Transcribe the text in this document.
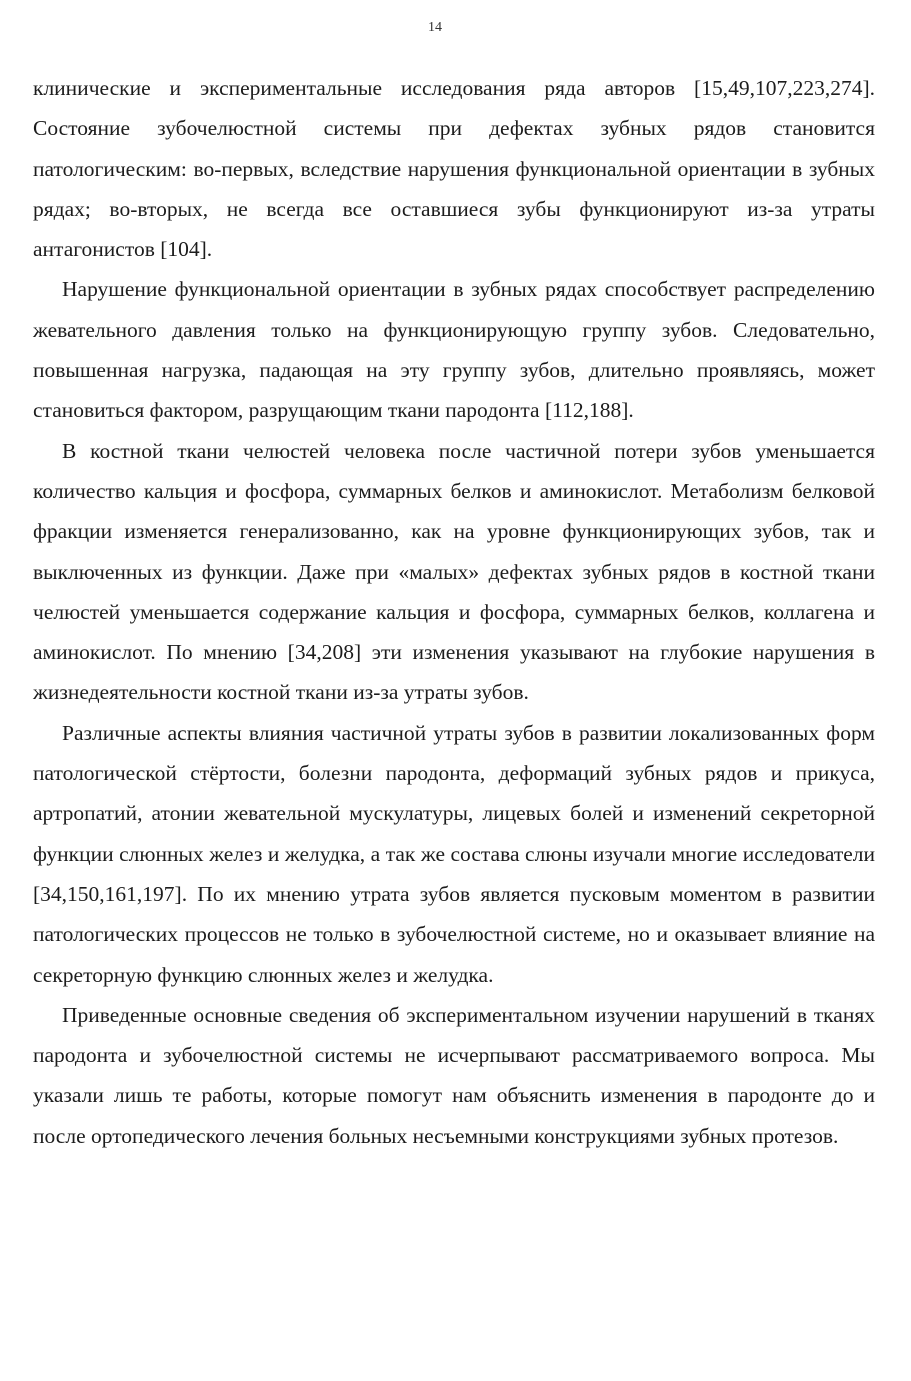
14

клинические и экспериментальные исследования ряда авторов [15,49,107,223,274]. Состояние зубочелюстной системы при дефектах зубных рядов становится патологическим: во-первых, вследствие нарушения функциональной ориентации в зубных рядах; во-вторых, не всегда все оставшиеся зубы функционируют из-за утраты антагонистов [104].

Нарушение функциональной ориентации в зубных рядах способствует распределению жевательного давления только на функционирующую группу зубов. Следовательно, повышенная нагрузка, падающая на эту группу зубов, длительно проявляясь, может становиться фактором, разрущающим ткани пародонта [112,188].

В костной ткани челюстей человека после частичной потери зубов уменьшается количество кальция и фосфора, суммарных белков и аминокислот. Метаболизм белковой фракции изменяется генерализованно, как на уровне функционирующих зубов, так и выключенных из функции. Даже при «малых» дефектах зубных рядов в костной ткани челюстей уменьшается содержание кальция и фосфора, суммарных белков, коллагена и аминокислот. По мнению [34,208] эти изменения указывают на глубокие нарушения в жизнедеятельности костной ткани из-за утраты зубов.

Различные аспекты влияния частичной утраты зубов в развитии локализованных форм патологической стёртости, болезни пародонта, деформаций зубных рядов и прикуса, артропатий, атонии жевательной мускулатуры, лицевых болей и изменений секреторной функции слюнных желез и желудка, а так же состава слюны изучали многие исследователи [34,150,161,197]. По их мнению утрата зубов является пусковым моментом в развитии патологических процессов не только в зубочелюстной системе, но и оказывает влияние на секреторную функцию слюнных желез и желудка.

Приведенные основные сведения об экспериментальном изучении нарушений в тканях пародонта и зубочелюстной системы не исчерпывают рассматриваемого вопроса. Мы указали лишь те работы, которые помогут нам объяснить изменения в пародонте до и после ортопедического лечения больных несъемными конструкциями зубных протезов.
